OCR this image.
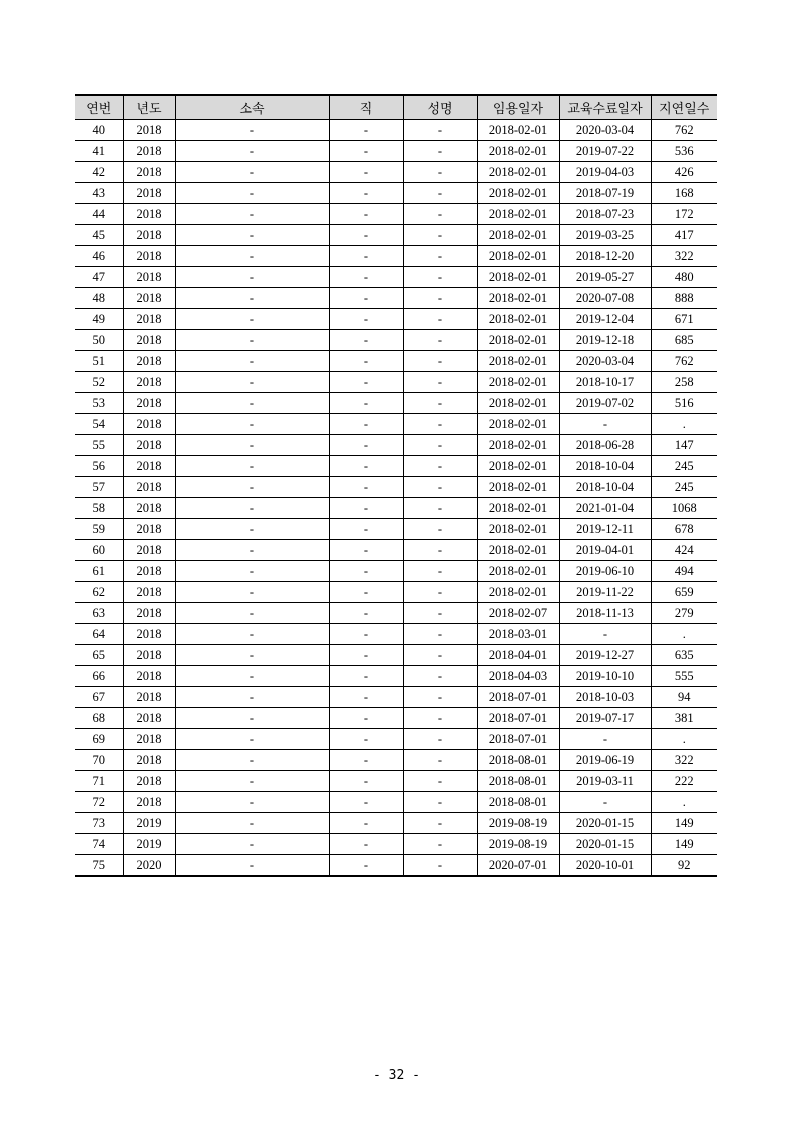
연번	년도	소속	직	성명	임용일자	교육수료일자	지연일수
40	2018	-	-	-	2018-02-01	2020-03-04	762
41	2018	-	-	-	2018-02-01	2019-07-22	536
42	2018	-	-	-	2018-02-01	2019-04-03	426
43	2018	-	-	-	2018-02-01	2018-07-19	168
44	2018	-	-	-	2018-02-01	2018-07-23	172
45	2018	-	-	-	2018-02-01	2019-03-25	417
46	2018	-	-	-	2018-02-01	2018-12-20	322
47	2018	-	-	-	2018-02-01	2019-05-27	480
48	2018	-	-	-	2018-02-01	2020-07-08	888
49	2018	-	-	-	2018-02-01	2019-12-04	671
50	2018	-	-	-	2018-02-01	2019-12-18	685
51	2018	-	-	-	2018-02-01	2020-03-04	762
52	2018	-	-	-	2018-02-01	2018-10-17	258
53	2018	-	-	-	2018-02-01	2019-07-02	516
54	2018	-	-	-	2018-02-01	-	.
55	2018	-	-	-	2018-02-01	2018-06-28	147
56	2018	-	-	-	2018-02-01	2018-10-04	245
57	2018	-	-	-	2018-02-01	2018-10-04	245
58	2018	-	-	-	2018-02-01	2021-01-04	1068
59	2018	-	-	-	2018-02-01	2019-12-11	678
60	2018	-	-	-	2018-02-01	2019-04-01	424
61	2018	-	-	-	2018-02-01	2019-06-10	494
62	2018	-	-	-	2018-02-01	2019-11-22	659
63	2018	-	-	-	2018-02-07	2018-11-13	279
64	2018	-	-	-	2018-03-01	-	.
65	2018	-	-	-	2018-04-01	2019-12-27	635
66	2018	-	-	-	2018-04-03	2019-10-10	555
67	2018	-	-	-	2018-07-01	2018-10-03	94
68	2018	-	-	-	2018-07-01	2019-07-17	381
69	2018	-	-	-	2018-07-01	-	.
70	2018	-	-	-	2018-08-01	2019-06-19	322
71	2018	-	-	-	2018-08-01	2019-03-11	222
72	2018	-	-	-	2018-08-01	-	.
73	2019	-	-	-	2019-08-19	2020-01-15	149
74	2019	-	-	-	2019-08-19	2020-01-15	149
75	2020	-	-	-	2020-07-01	2020-10-01	92
- 32 -
